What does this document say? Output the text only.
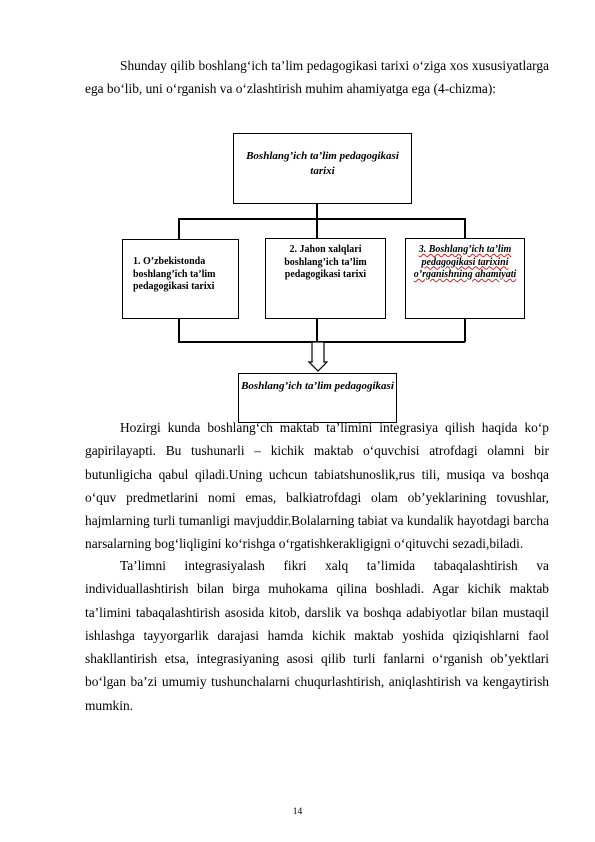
Shunday qilib boshlang‘ich ta’lim pedagogikasi tarixi o‘ziga xos xususiyatlarga ega bo‘lib, uni o‘rganish va o‘zlashtirish muhim ahamiyatga ega (4-chizma):

Boshlang’ich ta’lim pedagogikasi tarixi
1. O’zbekistonda boshlang’ich ta’lim pedagogikasi tarixi
2. Jahon xalqlari boshlang’ich ta’lim pedagogikasi tarixi
3. Boshlang’ich ta’lim pedagogikasi tarixini o’rganishning ahamiyati
Boshlang’ich ta’lim pedagogikasi

Hozirgi kunda boshlang‘ch maktab ta’limini integrasiya qilish haqida ko‘p gapirilayapti. Bu tushunarli – kichik maktab o‘quvchisi atrofdagi olamni bir butunligicha qabul qiladi.Uning uchcun tabiatshunoslik,rus tili, musiqa va boshqa o‘quv predmetlarini nomi emas, balkiatrofdagi olam ob’yeklarining tovushlar, hajmlarning turli tumanligi mavjuddir.Bolalarning tabiat va kundalik hayotdagi barcha narsalarning bog‘liqligini ko‘rishga o‘rgatishkerakligigni o‘qituvchi sezadi,biladi.

Ta’limni integrasiyalash fikri xalq ta’limida tabaqalashtirish va individuallashtirish bilan birga muhokama qilina boshladi. Agar kichik maktab ta’limini tabaqalashtirish asosida kitob, darslik va boshqa adabiyotlar bilan mustaqil ishlashga tayyorgarlik darajasi hamda kichik maktab yoshida qiziqishlarni faol shakllantirish etsa, integrasiyaning asosi qilib turli fanlarni o‘rganish ob’yektlari bo‘lgan ba’zi umumiy tushunchalarni chuqurlashtirish, aniqlashtirish va kengaytirish mumkin.

14
